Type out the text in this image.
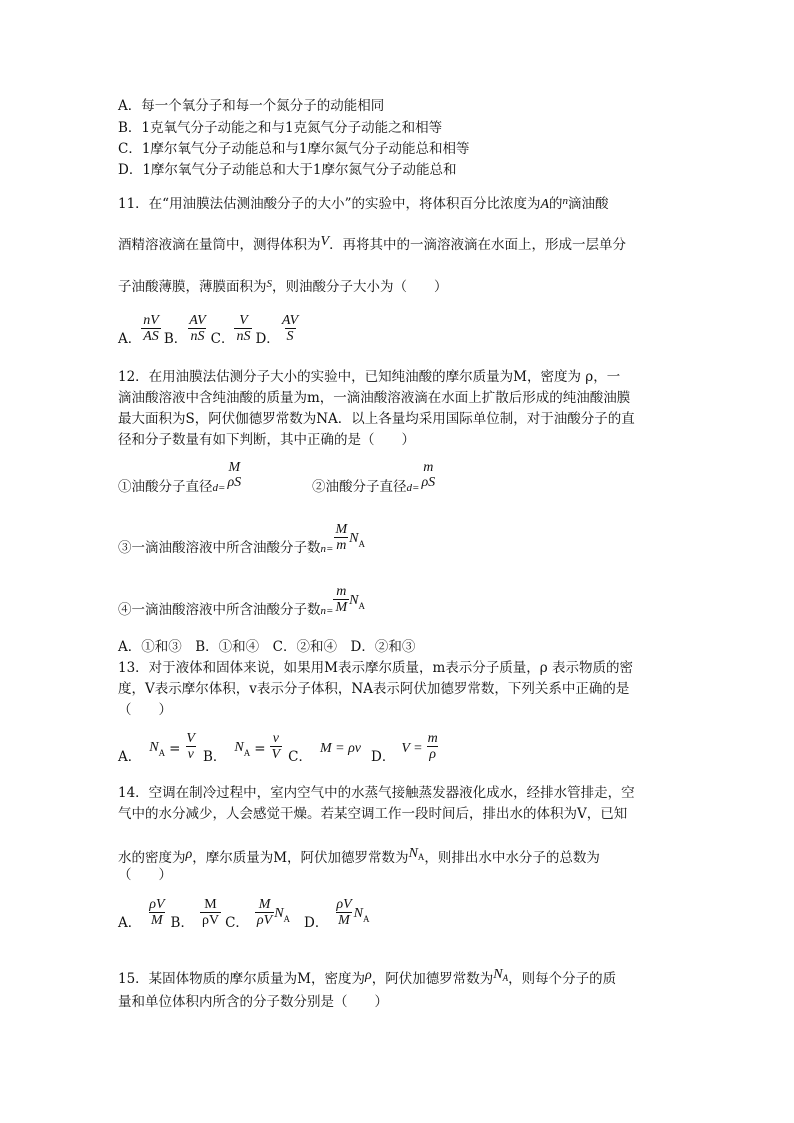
A．每一个氧分子和每一个氮分子的动能相同
B．1克氧气分子动能之和与1克氮气分子动能之和相等
C．1摩尔氧气分子动能总和与1摩尔氮气分子动能总和相等
D．1摩尔氧气分子动能总和大于1摩尔氮气分子动能总和
11．在“用油膜法估测油酸分子的大小”的实验中，将体积百分比浓度为A的$^n$滴油酸
酒精溶液滴在量筒中，测得体积为V．再将其中的一滴溶液滴在水面上，形成一层单分
子油酸薄膜，薄膜面积为$^S$，则油酸分子大小为（　　）
A．
nV
AS B．
AV
nS C．
V
nS D．
AV
S
12．在用油膜法估测分子大小的实验中，已知纯油酸的摩尔质量为M，密度为 ρ，一
滴油酸溶液中含纯油酸的质量为m，一滴油酸溶液滴在水面上扩散后形成的纯油酸油膜
最大面积为S，阿伏伽德罗常数为NA．以上各量均采用国际单位制，对于油酸分子的直
径和分子数量有如下判断，其中正确的是（　　）
①油酸分子直径 d=
M
ρS	②油酸分子直径 d=
m
ρS
③一滴油酸溶液中所含油酸分子数 $n= \frac{M}{m}$ N A
④一滴油酸溶液中所含油酸分子数 $n= \frac{m}{M}$ N A
A．①和③　B．①和④　C．②和④　D．②和③
13．对于液体和固体来说，如果用M表示摩尔质量，m表示分子质量，ρ 表示物质的密
度，V表示摩尔体积，v表示分子体积，NA表示阿伏加德罗常数，下列关系中正确的是
（　　）
A．
N $A = \frac{V}{v}$ B．
N $A = \frac{v}{V}$ C．
M = ρv
D．
$V = \frac{m}{\rho}$
14．空调在制冷过程中，室内空气中的水蒸气接触蒸发器液化成水，经排水管排走，空
气中的水分减少，人会感觉干燥。若某空调工作一段时间后，排出水的体积为V，已知
水的密度为ρ，摩尔质量为M，阿伏加德罗常数为NA，则排出水中水分子的总数为
（　　）
A．
ρV
M B．
M
ρV C．
M
ρV N A D．
ρV
M N A
15．某固体物质的摩尔质量为M，密度为ρ，阿伏加德罗常数为NA，则每个分子的质
量和单位体积内所含的分子数分别是（　　）
